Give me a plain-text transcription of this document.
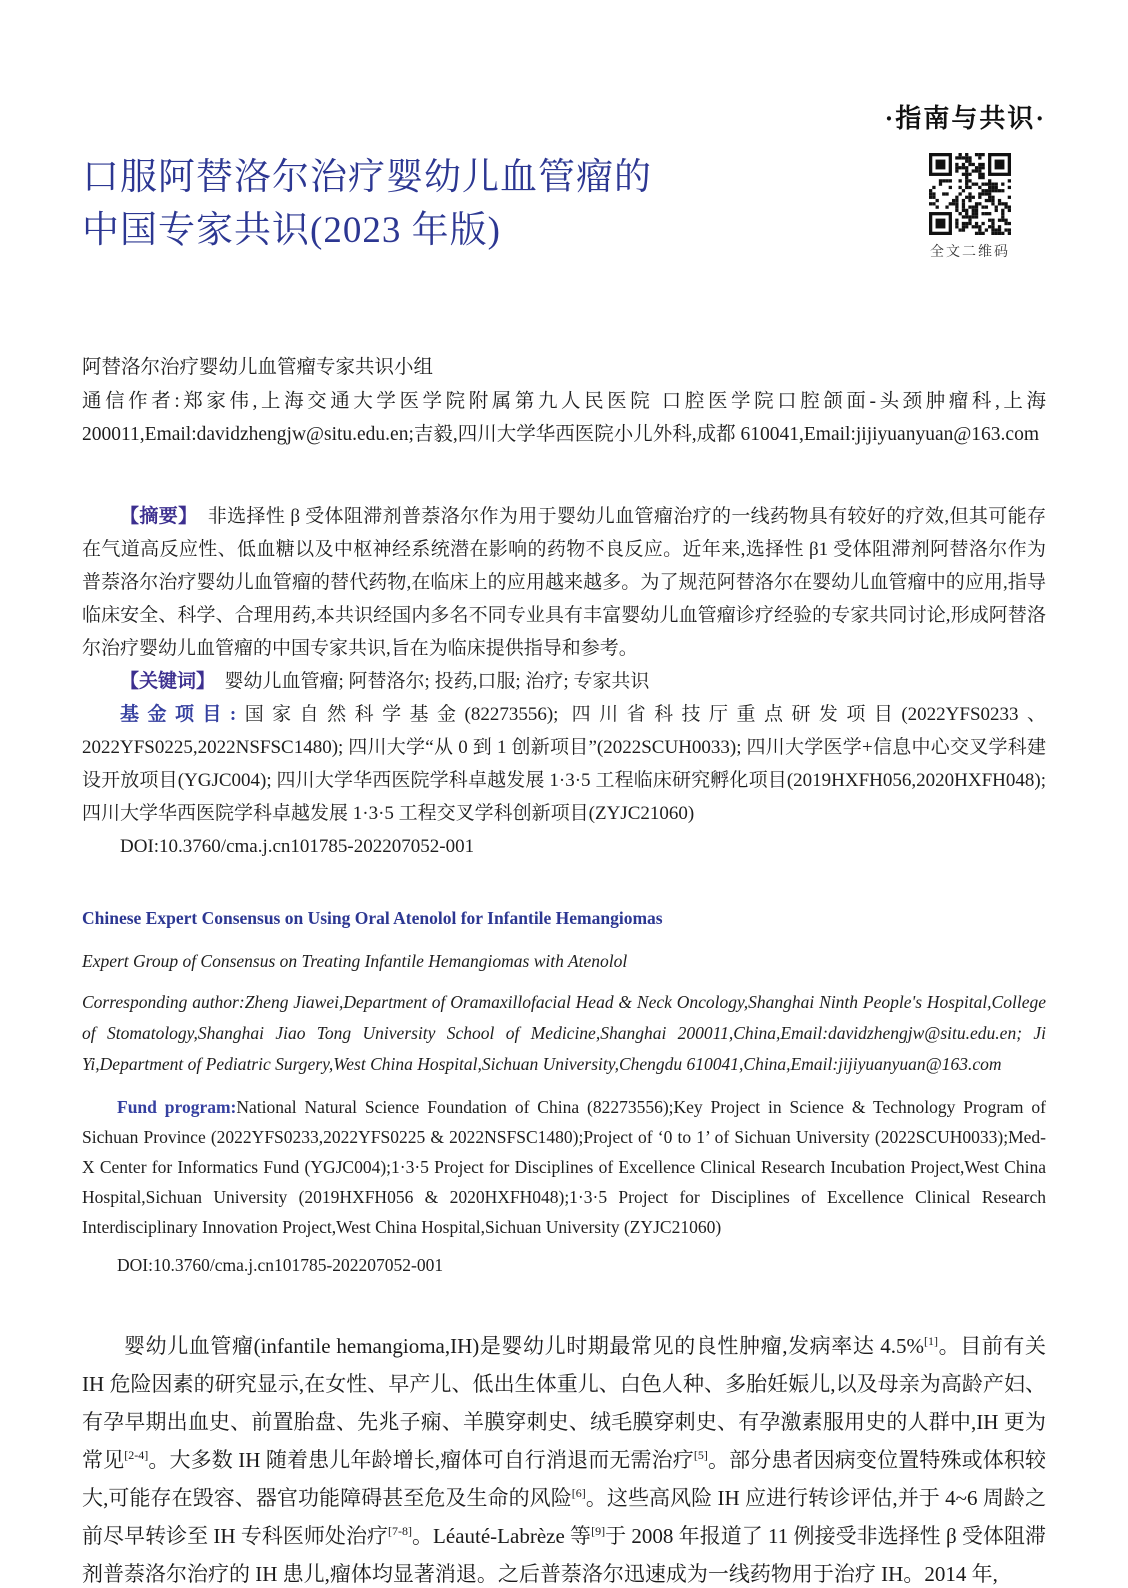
·指南与共识·
口服阿替洛尔治疗婴幼儿血管瘤的
中国专家共识(2023 年版)
全文二维码

阿替洛尔治疗婴幼儿血管瘤专家共识小组

通信作者:郑家伟,上海交通大学医学院附属第九人民医院 口腔医学院口腔颌面-头颈肿瘤科,上海 200011,Email:davidzhengjw@situ.edu.en;吉毅,四川大学华西医院小儿外科,成都 610041,Email:jijiyuanyuan@163.com

【摘要】 非选择性 β 受体阻滞剂普萘洛尔作为用于婴幼儿血管瘤治疗的一线药物具有较好的疗效,但其可能存在气道高反应性、低血糖以及中枢神经系统潜在影响的药物不良反应。近年来,选择性 β1 受体阻滞剂阿替洛尔作为普萘洛尔治疗婴幼儿血管瘤的替代药物,在临床上的应用越来越多。为了规范阿替洛尔在婴幼儿血管瘤中的应用,指导临床安全、科学、合理用药,本共识经国内多名不同专业具有丰富婴幼儿血管瘤诊疗经验的专家共同讨论,形成阿替洛尔治疗婴幼儿血管瘤的中国专家共识,旨在为临床提供指导和参考。

【关键词】 婴幼儿血管瘤; 阿替洛尔; 投药,口服; 治疗; 专家共识

基金项目:国家自然科学基金(82273556); 四川省科技厅重点研发项目(2022YFS0233、2022YFS0225,2022NSFSC1480); 四川大学“从 0 到 1 创新项目”(2022SCUH0033); 四川大学医学+信息中心交叉学科建设开放项目(YGJC004); 四川大学华西医院学科卓越发展 1·3·5 工程临床研究孵化项目(2019HXFH056,2020HXFH048); 四川大学华西医院学科卓越发展 1·3·5 工程交叉学科创新项目(ZYJC21060)

DOI:10.3760/cma.j.cn101785-202207052-001

Chinese Expert Consensus on Using Oral Atenolol for Infantile Hemangiomas

Expert Group of Consensus on Treating Infantile Hemangiomas with Atenolol

Corresponding author:Zheng Jiawei,Department of Oramaxillofacial Head & Neck Oncology,Shanghai Ninth People's Hospital,College of Stomatology,Shanghai Jiao Tong University School of Medicine,Shanghai 200011,China,Email:davidzhengjw@situ.edu.en; Ji Yi,Department of Pediatric Surgery,West China Hospital,Sichuan University,Chengdu 610041,China,Email:jijiyuanyuan@163.com

Fund program:National Natural Science Foundation of China (82273556);Key Project in Science & Technology Program of Sichuan Province (2022YFS0233,2022YFS0225 & 2022NSFSC1480);Project of ‘0 to 1’ of Sichuan University (2022SCUH0033);Med-X Center for Informatics Fund (YGJC004);1·3·5 Project for Disciplines of Excellence Clinical Research Incubation Project,West China Hospital,Sichuan University (2019HXFH056 & 2020HXFH048);1·3·5 Project for Disciplines of Excellence Clinical Research Interdisciplinary Innovation Project,West China Hospital,Sichuan University (ZYJC21060)

DOI:10.3760/cma.j.cn101785-202207052-001

婴幼儿血管瘤(infantile hemangioma,IH)是婴幼儿时期最常见的良性肿瘤,发病率达 4.5%[1]。目前有关 IH 危险因素的研究显示,在女性、早产儿、低出生体重儿、白色人种、多胎妊娠儿,以及母亲为高龄产妇、有孕早期出血史、前置胎盘、先兆子痫、羊膜穿刺史、绒毛膜穿刺史、有孕激素服用史的人群中,IH 更为常见[2-4]。大多数 IH 随着患儿年龄增长,瘤体可自行消退而无需治疗[5]。部分患者因病变位置特殊或体积较大,可能存在毁容、器官功能障碍甚至危及生命的风险[6]。这些高风险 IH 应进行转诊评估,并于 4~6 周龄之前尽早转诊至 IH 专科医师处治疗[7-8]。Léauté-Labrèze 等[9]于 2008 年报道了 11 例接受非选择性 β 受体阻滞剂普萘洛尔治疗的 IH 患儿,瘤体均显著消退。之后普萘洛尔迅速成为一线药物用于治疗 IH。2014 年,
